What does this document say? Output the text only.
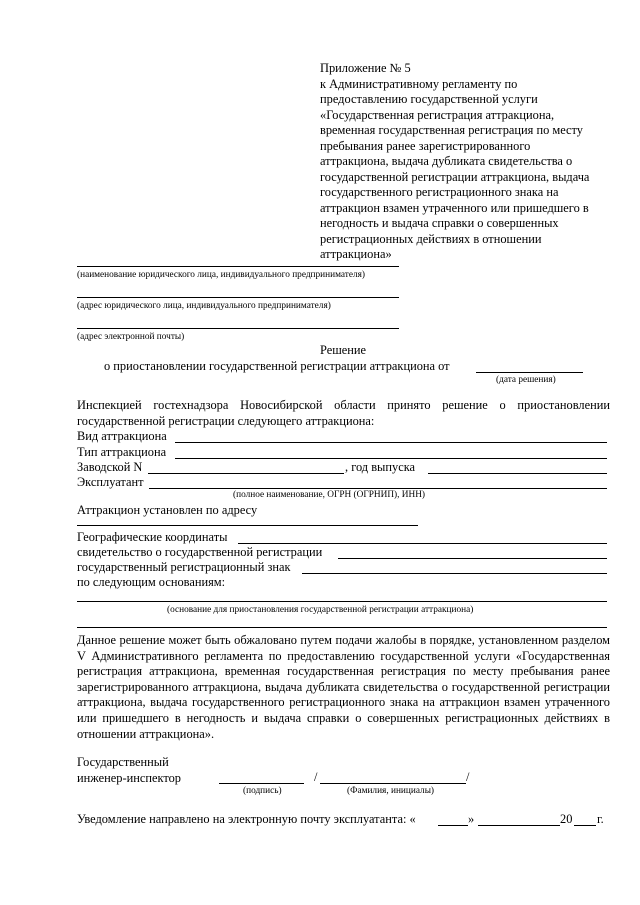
Приложение № 5
к Административному регламенту по
предоставлению государственной услуги
«Государственная регистрация аттракциона,
временная государственная регистрация по месту
пребывания ранее зарегистрированного
аттракциона, выдача дубликата свидетельства о
государственной регистрации аттракциона, выдача
государственного регистрационного знака на
аттракцион взамен утраченного или пришедшего в
негодность и выдача справки о совершенных
регистрационных действиях в отношении
аттракциона»
(наименование юридического лица, индивидуального предпринимателя)
(адрес юридического лица, индивидуального предпринимателя)
(адрес электронной почты)
Решение
о приостановлении государственной регистрации аттракциона от
(дата решения)
Инспекцией гостехнадзора Новосибирской области принято решение о приостановлении государственной регистрации следующего аттракциона:
Вид аттракциона
Тип аттракциона
Заводской N	, год выпуска
Эксплуатант
(полное наименование, ОГРН (ОГРНИП), ИНН)
Аттракцион установлен по адресу
Географические координаты
свидетельство о государственной регистрации
государственный регистрационный знак
по следующим основаниям:
(основание для приостановления государственной регистрации аттракциона)
Данное решение может быть обжаловано путем подачи жалобы в порядке, установленном разделом V Административного регламента по предоставлению государственной услуги «Государственная регистрация аттракциона, временная государственная регистрация по месту пребывания ранее зарегистрированного аттракциона, выдача дубликата свидетельства о государственной регистрации аттракциона, выдача государственного регистрационного знака на аттракцион взамен утраченного или пришедшего в негодность и выдача справки о совершенных регистрационных действиях в отношении аттракциона».
Государственный
инженер-инспектор	/	/
(подпись)	(Фамилия, инициалы)
Уведомление направлено на электронную почту эксплуатанта: «	»	20 г.
